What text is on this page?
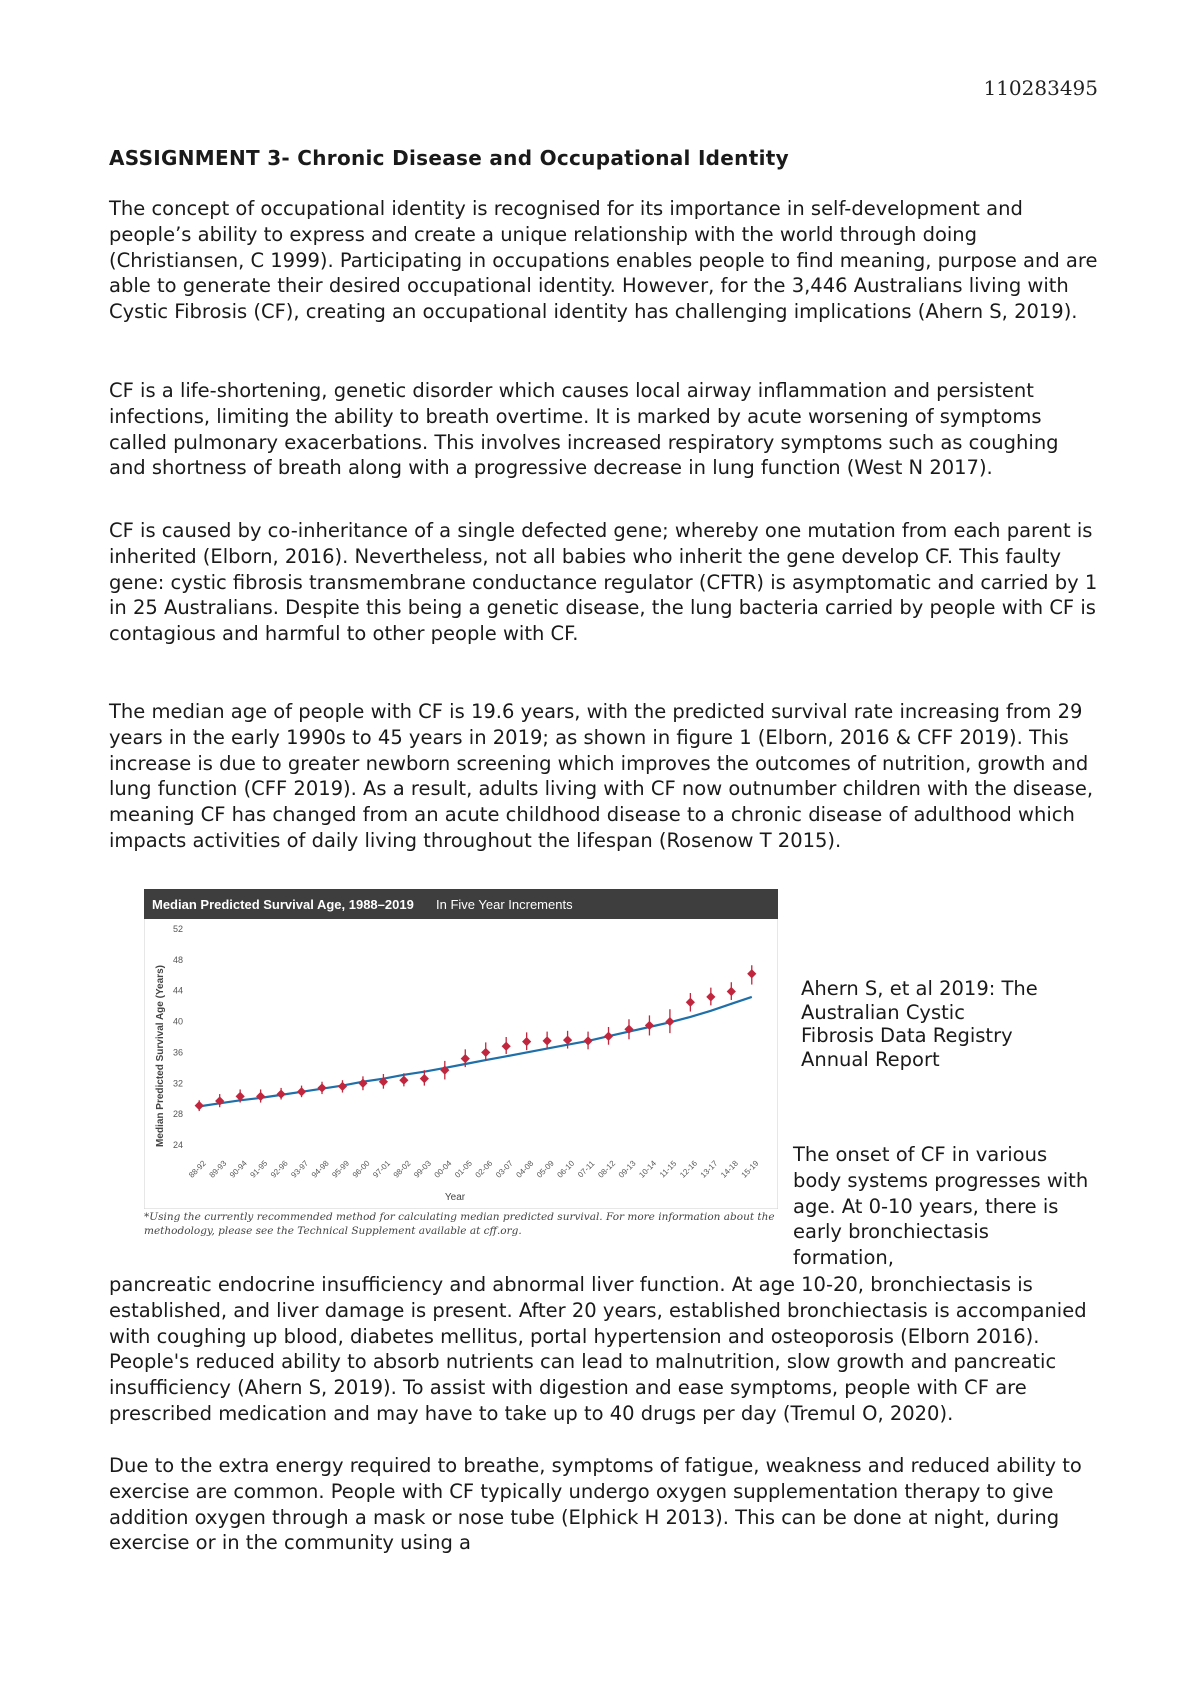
110283495
ASSIGNMENT 3- Chronic Disease and Occupational Identity

The concept of occupational identity is recognised for its importance in self-development and people’s ability to express and create a unique relationship with the world through doing (Christiansen, C 1999). Participating in occupations enables people to find meaning, purpose and are able to generate their desired occupational identity. However, for the 3,446 Australians living with Cystic Fibrosis (CF), creating an occupational identity has challenging implications (Ahern S, 2019).

CF is a life-shortening, genetic disorder which causes local airway inflammation and persistent infections, limiting the ability to breath overtime. It is marked by acute worsening of symptoms called pulmonary exacerbations. This involves increased respiratory symptoms such as coughing and shortness of breath along with a progressive decrease in lung function (West N 2017).

CF is caused by co-inheritance of a single defected gene; whereby one mutation from each parent is inherited (Elborn, 2016). Nevertheless, not all babies who inherit the gene develop CF. This faulty gene: cystic fibrosis transmembrane conductance regulator (CFTR) is asymptomatic and carried by 1 in 25 Australians. Despite this being a genetic disease, the lung bacteria carried by people with CF is contagious and harmful to other people with CF.

The median age of people with CF is 19.6 years, with the predicted survival rate increasing from 29 years in the early 1990s to 45 years in 2019; as shown in figure 1 (Elborn, 2016 & CFF 2019). This increase is due to greater newborn screening which improves the outcomes of nutrition, growth and lung function (CFF 2019). As a result, adults living with CF now outnumber children with the disease, meaning CF has changed from an acute childhood disease to a chronic disease of adulthood which impacts activities of daily living throughout the lifespan (Rosenow T 2015).

Median Predicted Survival Age, 1988–2019 In Five Year Increments
24
28
32
36
40
44
48
52
88-92 89-93 90-94 91-95 92-96 93-97 94-98 95-99 96-00 97-01 98-02 99-03 00-04 01-05 02-06 03-07 04-08 05-09 06-10 07-11 08-12 09-13 10-14 11-15 12-16 13-17 14-18 15-19
Year
Median Predicted Survival Age (Years)
*Using the currently recommended method for calculating median predicted survival. For more information about the methodology, please see the Technical Supplement available at cff.org.
Ahern S, et al 2019: The Australian Cystic Fibrosis Data Registry Annual Report
The onset of CF in various body systems progresses with age. At 0-10 years, there is early bronchiectasis formation,

pancreatic endocrine insufficiency and abnormal liver function. At age 10-20, bronchiectasis is established, and liver damage is present. After 20 years, established bronchiectasis is accompanied with coughing up blood, diabetes mellitus, portal hypertension and osteoporosis (Elborn 2016). People's reduced ability to absorb nutrients can lead to malnutrition, slow growth and pancreatic insufficiency (Ahern S, 2019). To assist with digestion and ease symptoms, people with CF are prescribed medication and may have to take up to 40 drugs per day (Tremul O, 2020).

Due to the extra energy required to breathe, symptoms of fatigue, weakness and reduced ability to exercise are common. People with CF typically undergo oxygen supplementation therapy to give addition oxygen through a mask or nose tube (Elphick H 2013). This can be done at night, during exercise or in the community using a
